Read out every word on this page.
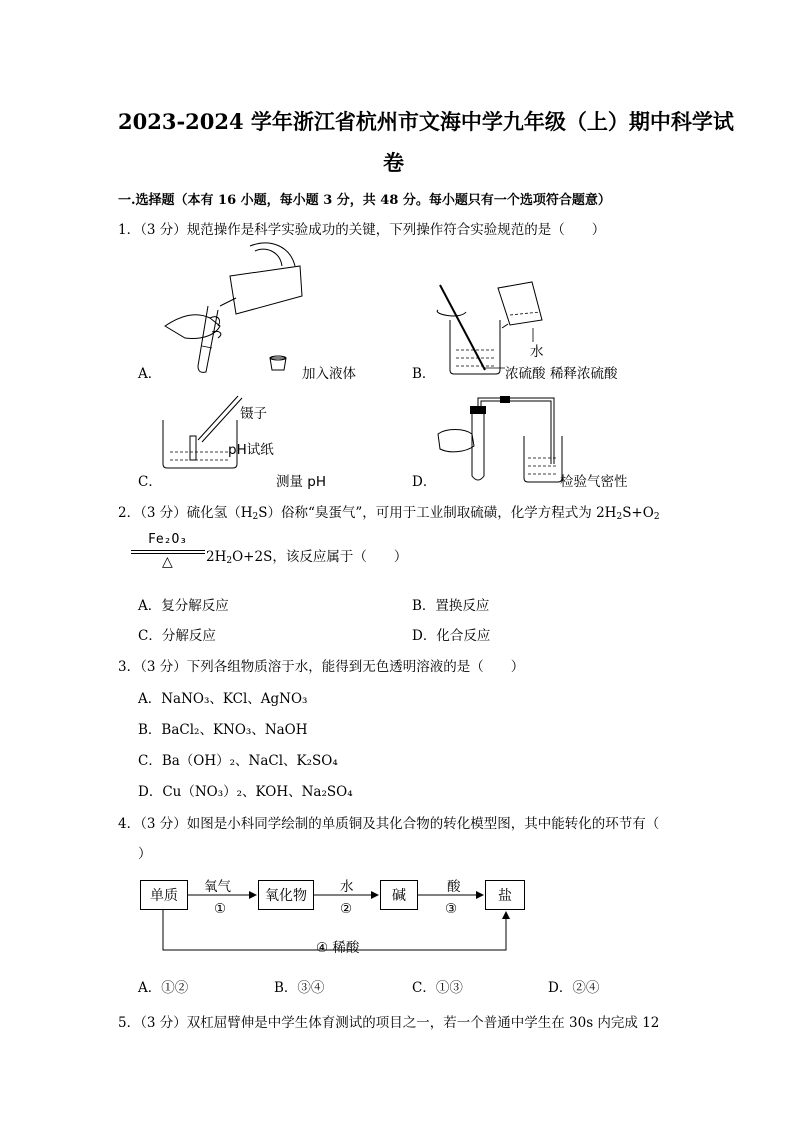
2023-2024 学年浙江省杭州市文海中学九年级（上）期中科学试
卷
一.选择题（本有 16 小题，每小题 3 分，共 48 分。每小题只有一个选项符合题意）
1．（3 分）规范操作是科学实验成功的关键，下列操作符合实验规范的是（　　）
A．	加入液体
水
浓硫酸 稀释浓硫酸
B．
镊子
pH试纸
C．	测量 pH	D．	检验气密性
2．（3 分）硫化氢$(H_2S)$俗称“臭蛋气”，可用于工业制取硫磺，化学方程式为 $2H_2S+O_2$
Fe₂O₃
△ $2H_2O+2S$，该反应属于（　　）
A．复分解反应	B．置换反应
C．分解反应	D．化合反应
3．（3 分）下列各组物质溶于水，能得到无色透明溶液的是（　　）
A．NaNO₃、KCl、AgNO₃
B．BaCl₂、KNO₃、NaOH
C．Ba（OH）₂、NaCl、K₂SO₄
D．Cu（NO₃）₂、KOH、Na₂SO₄
4．（3 分）如图是小科同学绘制的单质铜及其化合物的转化模型图，其中能转化的环节有（
）
单质	氧化物	碱	盐
氧气
①
水
②
酸
③
④ 稀酸
A．①②	B．③④	C．①③	D．②④
5．（3 分）双杠屈臂伸是中学生体育测试的项目之一，若一个普通中学生在 30s 内完成 12
